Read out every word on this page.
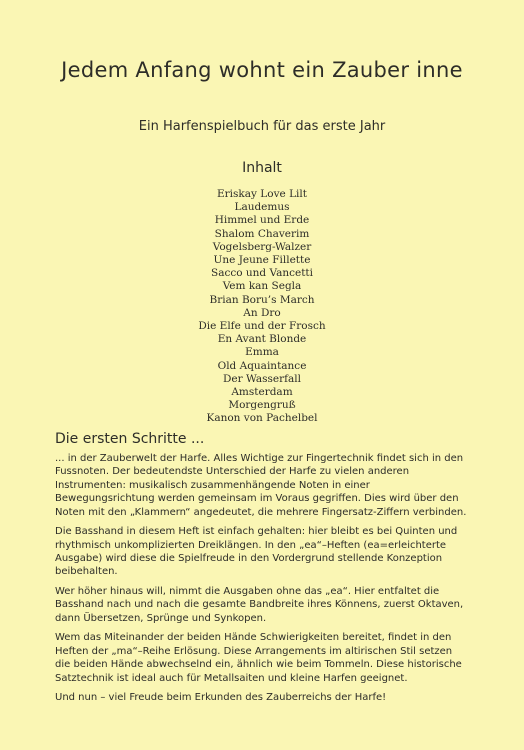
Jedem Anfang wohnt ein Zauber inne
Ein Harfenspielbuch für das erste Jahr
Inhalt
Eriskay Love Lilt
Laudemus
Himmel und Erde
Shalom Chaverim
Vogelsberg-Walzer
Une Jeune Fillette
Sacco und Vancetti
Vem kan Segla
Brian Boru’s March
An Dro
Die Elfe und der Frosch
En Avant Blonde
Emma
Old Aquaintance
Der Wasserfall
Amsterdam
Morgengruß
Kanon von Pachelbel
Die ersten Schritte ...

... in der Zauberwelt der Harfe. Alles Wichtige zur Fingertechnik findet sich in den Fussnoten. Der bedeutendste Unterschied der Harfe zu vielen anderen Instrumenten: musikalisch zusammenhängende Noten in einer Bewegungsrichtung werden gemeinsam im Voraus gegriffen. Dies wird über den Noten mit den „Klammern“ angedeutet, die mehrere Fingersatz-Ziffern verbinden.

Die Basshand in diesem Heft ist einfach gehalten: hier bleibt es bei Quinten und rhythmisch unkomplizierten Dreiklängen. In den „ea“–Heften (ea=erleichterte Ausgabe) wird diese die Spielfreude in den Vordergrund stellende Konzeption beibehalten.

Wer höher hinaus will, nimmt die Ausgaben ohne das „ea“. Hier entfaltet die Basshand nach und nach die gesamte Bandbreite ihres Könnens, zuerst Oktaven, dann Übersetzen, Sprünge und Synkopen.

Wem das Miteinander der beiden Hände Schwierigkeiten bereitet, findet in den Heften der „ma“–Reihe Erlösung. Diese Arrangements im altirischen Stil setzen die beiden Hände abwechselnd ein, ähnlich wie beim Tommeln. Diese historische Satztechnik ist ideal auch für Metallsaiten und kleine Harfen geeignet.

Und nun – viel Freude beim Erkunden des Zauberreichs der Harfe!
